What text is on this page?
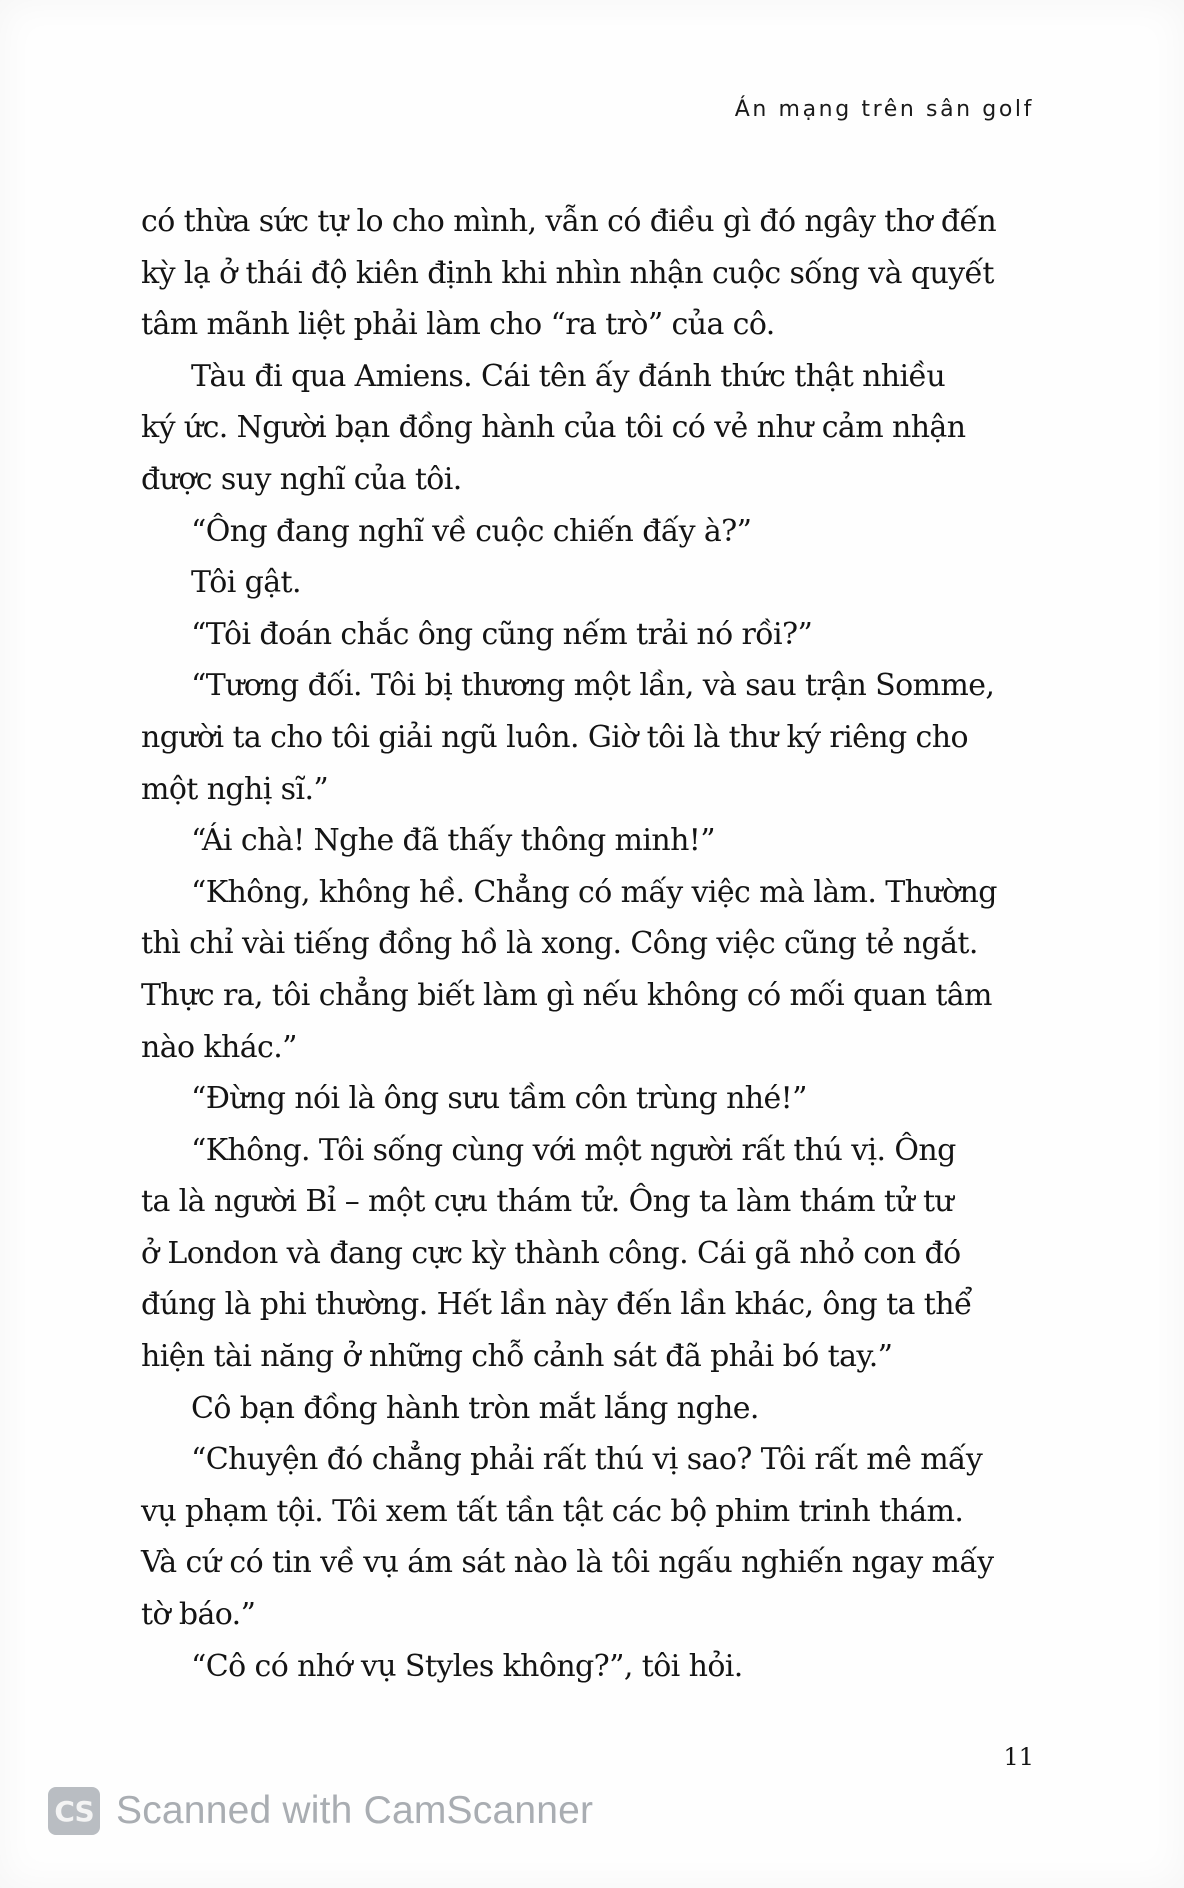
Án mạng trên sân golf

có thừa sức tự lo cho mình, vẫn có điều gì đó ngây thơ đến

kỳ lạ ở thái độ kiên định khi nhìn nhận cuộc sống và quyết

tâm mãnh liệt phải làm cho “ra trò” của cô.

Tàu đi qua Amiens. Cái tên ấy đánh thức thật nhiều

ký ức. Người bạn đồng hành của tôi có vẻ như cảm nhận

được suy nghĩ của tôi.

“Ông đang nghĩ về cuộc chiến đấy à?”

Tôi gật.

“Tôi đoán chắc ông cũng nếm trải nó rồi?”

“Tương đối. Tôi bị thương một lần, và sau trận Somme,

người ta cho tôi giải ngũ luôn. Giờ tôi là thư ký riêng cho

một nghị sĩ.”

“Ái chà! Nghe đã thấy thông minh!”

“Không, không hề. Chẳng có mấy việc mà làm. Thường

thì chỉ vài tiếng đồng hồ là xong. Công việc cũng tẻ ngắt.

Thực ra, tôi chẳng biết làm gì nếu không có mối quan tâm

nào khác.”

“Đừng nói là ông sưu tầm côn trùng nhé!”

“Không. Tôi sống cùng với một người rất thú vị. Ông

ta là người Bỉ – một cựu thám tử. Ông ta làm thám tử tư

ở London và đang cực kỳ thành công. Cái gã nhỏ con đó

đúng là phi thường. Hết lần này đến lần khác, ông ta thể

hiện tài năng ở những chỗ cảnh sát đã phải bó tay.”

Cô bạn đồng hành tròn mắt lắng nghe.

“Chuyện đó chẳng phải rất thú vị sao? Tôi rất mê mấy

vụ phạm tội. Tôi xem tất tần tật các bộ phim trinh thám.

Và cứ có tin về vụ ám sát nào là tôi ngấu nghiến ngay mấy

tờ báo.”

“Cô có nhớ vụ Styles không?”, tôi hỏi.

11
CS Scanned with CamScanner
